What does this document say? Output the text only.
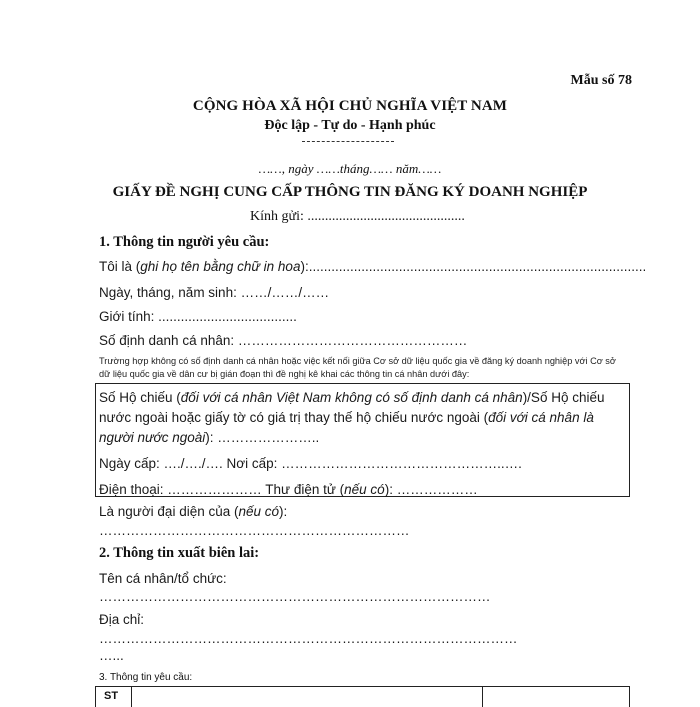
Mẫu số 78
CỘNG HÒA XÃ HỘI CHỦ NGHĨA VIỆT NAM
Độc lập - Tự do - Hạnh phúc
……, ngày ……tháng…… năm……
GIẤY ĐỀ NGHỊ CUNG CẤP THÔNG TIN ĐĂNG KÝ DOANH NGHIỆP
Kính gửi: .............................................
1. Thông tin người yêu cầu:
Tôi là (ghi họ tên bằng chữ in hoa):..........................................................................................
Ngày, tháng, năm sinh: ……/……/……
Giới tính: .....................................
Số định danh cá nhân: ……………………………………………
Trường hợp không có số định danh cá nhân hoặc việc kết nối giữa Cơ sở dữ liệu quốc gia về đăng ký doanh nghiệp với Cơ sở dữ liệu quốc gia về dân cư bị gián đoạn thì đề nghị kê khai các thông tin cá nhân dưới đây:
Số Hộ chiếu (đối với cá nhân Việt Nam không có số định danh cá nhân)/Số Hộ chiếu nước ngoài hoặc giấy tờ có giá trị thay thế hộ chiếu nước ngoài (đối với cá nhân là người nước ngoài): …………………..
Ngày cấp: …./…./…. Nơi cấp: …………………………………………..….
Điện thoại: ………………… Thư điện tử (nếu có): ………………
Là người đại diện của (nếu có):
……………………………………………………………
2. Thông tin xuất biên lai:
Tên cá nhân/tổ chức:
……………………………………………………………………………
Địa chỉ:
…………………………………………………………………………………
…...
3. Thông tin yêu cầu:
ST
